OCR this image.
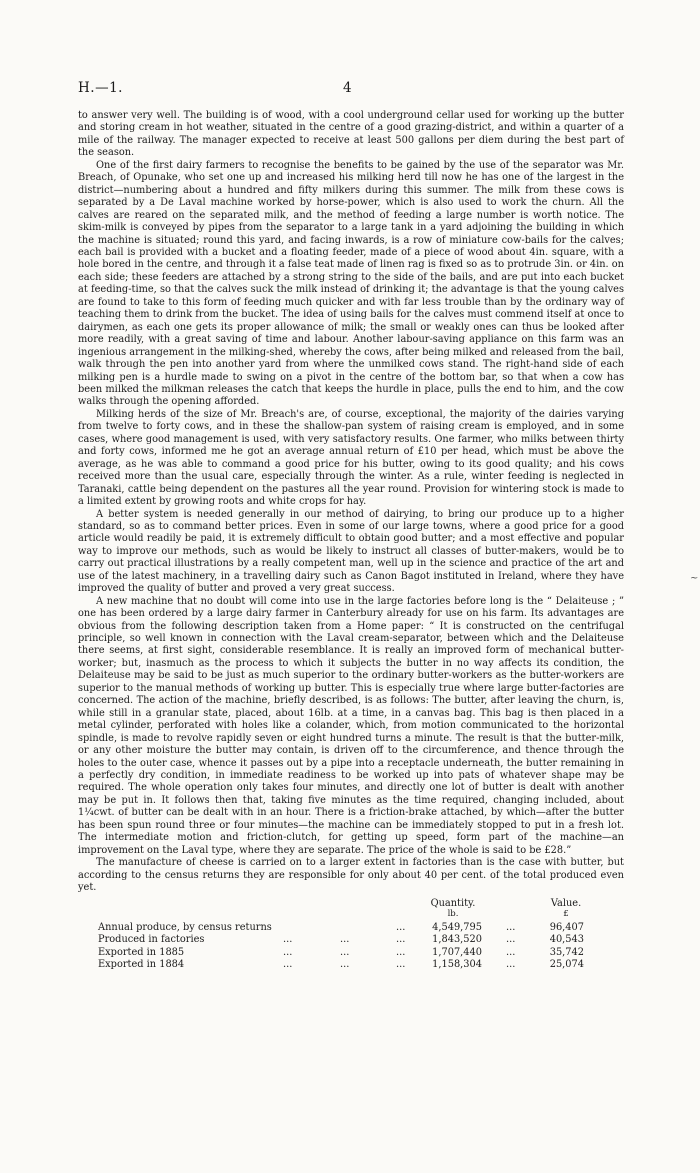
H.—1.	4

to answer very well. The building is of wood, with a cool underground cellar used for working up the butter and storing cream in hot weather, situated in the centre of a good grazing-district, and within a quarter of a mile of the railway. The manager expected to receive at least 500 gallons per diem during the best part of the season.

One of the first dairy farmers to recognise the benefits to be gained by the use of the separator was Mr. Breach, of Opunake, who set one up and increased his milking herd till now he has one of the largest in the district—numbering about a hundred and fifty milkers during this summer. The milk from these cows is separated by a De Laval machine worked by horse-power, which is also used to work the churn. All the calves are reared on the separated milk, and the method of feeding a large number is worth notice. The skim-milk is conveyed by pipes from the separator to a large tank in a yard adjoining the building in which the machine is situated; round this yard, and facing inwards, is a row of miniature cow-bails for the calves; each bail is provided with a bucket and a floating feeder, made of a piece of wood about 4in. square, with a hole bored in the centre, and through it a false teat made of linen rag is fixed so as to protrude 3in. or 4in. on each side; these feeders are attached by a strong string to the side of the bails, and are put into each bucket at feeding-time, so that the calves suck the milk instead of drinking it; the advantage is that the young calves are found to take to this form of feeding much quicker and with far less trouble than by the ordinary way of teaching them to drink from the bucket. The idea of using bails for the calves must commend itself at once to dairymen, as each one gets its proper allowance of milk; the small or weakly ones can thus be looked after more readily, with a great saving of time and labour. Another labour-saving appliance on this farm was an ingenious arrangement in the milking-shed, whereby the cows, after being milked and released from the bail, walk through the pen into another yard from where the unmilked cows stand. The right-hand side of each milking pen is a hurdle made to swing on a pivot in the centre of the bottom bar, so that when a cow has been milked the milkman releases the catch that keeps the hurdle in place, pulls the end to him, and the cow walks through the opening afforded.

Milking herds of the size of Mr. Breach's are, of course, exceptional, the majority of the dairies varying from twelve to forty cows, and in these the shallow-pan system of raising cream is employed, and in some cases, where good management is used, with very satisfactory results. One farmer, who milks between thirty and forty cows, informed me he got an average annual return of £10 per head, which must be above the average, as he was able to command a good price for his butter, owing to its good quality; and his cows received more than the usual care, especially through the winter. As a rule, winter feeding is neglected in Taranaki, cattle being dependent on the pastures all the year round. Provision for wintering stock is made to a limited extent by growing roots and white crops for hay.

A better system is needed generally in our method of dairying, to bring our produce up to a higher standard, so as to command better prices. Even in some of our large towns, where a good price for a good article would readily be paid, it is extremely difficult to obtain good butter; and a most effective and popular way to improve our methods, such as would be likely to instruct all classes of butter-makers, would be to carry out practical illustrations by a really competent man, well up in the science and practice of the art and use of the latest machinery, in a travelling dairy such as Canon Bagot instituted in Ireland, where they have improved the quality of butter and proved a very great success.

A new machine that no doubt will come into use in the large factories before long is the “ Delaiteuse ; ” one has been ordered by a large dairy farmer in Canterbury already for use on his farm. Its advantages are obvious from the following description taken from a Home paper: “ It is constructed on the centrifugal principle, so well known in connection with the Laval cream-separator, between which and the Delaiteuse there seems, at first sight, considerable resemblance. It is really an improved form of mechanical butter-worker; but, inasmuch as the process to which it subjects the butter in no way affects its condition, the Delaiteuse may be said to be just as much superior to the ordinary butter-workers as the butter-workers are superior to the manual methods of working up butter. This is especially true where large butter-factories are concerned. The action of the machine, briefly described, is as follows: The butter, after leaving the churn, is, while still in a granular state, placed, about 16lb. at a time, in a canvas bag. This bag is then placed in a metal cylinder, perforated with holes like a colander, which, from motion communicated to the horizontal spindle, is made to revolve rapidly seven or eight hundred turns a minute. The result is that the butter-milk, or any other moisture the butter may contain, is driven off to the circumference, and thence through the holes to the outer case, whence it passes out by a pipe into a receptacle underneath, the butter remaining in a perfectly dry condition, in immediate readiness to be worked up into pats of whatever shape may be required. The whole operation only takes four minutes, and directly one lot of butter is dealt with another may be put in. It follows then that, taking five minutes as the time required, changing included, about 1¼cwt. of butter can be dealt with in an hour. There is a friction-brake attached, by which—after the butter has been spun round three or four minutes—the machine can be immediately stopped to put in a fresh lot. The intermediate motion and friction-clutch, for getting up speed, form part of the machine—an improvement on the Laval type, where they are separate. The price of the whole is said to be £28.”

The manufacture of cheese is carried on to a larger extent in factories than is the case with butter, but according to the census returns they are responsible for only about 40 per cent. of the total produced even yet.

Quantity.
lb.
Value.
£
Annual produce, by census returns	...	4,549,795 ...	96,407
Produced in factories	...	...	...	1,843,520 ...	40,543
Exported in 1885	...	...	...	1,707,440 ...	35,742
Exported in 1884	...	...	...	1,158,304 ...	25,074
~
